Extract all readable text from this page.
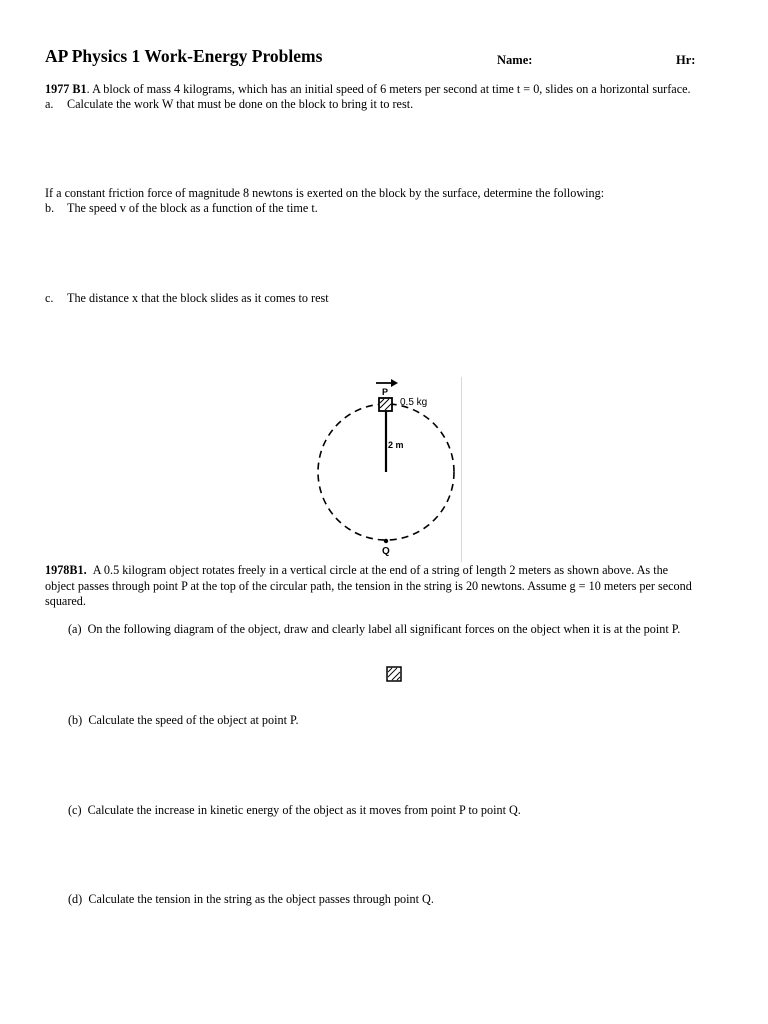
AP Physics 1 Work-Energy Problems	Name:	Hr:
1977 B1. A block of mass 4 kilograms, which has an initial speed of 6 meters per second at time t = 0, slides on a horizontal surface.
a. Calculate the work W that must be done on the block to bring it to rest.
If a constant friction force of magnitude 8 newtons is exerted on the block by the surface, determine the following:
b. The speed v of the block as a function of the time t.
c. The distance x that the block slides as it comes to rest
P
0.5 kg
2 m
Q
1978B1. A 0.5 kilogram object rotates freely in a vertical circle at the end of a string of length 2 meters as shown above. As the
object passes through point P at the top of the circular path, the tension in the string is 20 newtons. Assume g = 10 meters per second
squared.
(a) On the following diagram of the object, draw and clearly label all significant forces on the object when it is at the point P.
(b) Calculate the speed of the object at point P.
(c) Calculate the increase in kinetic energy of the object as it moves from point P to point Q.
(d) Calculate the tension in the string as the object passes through point Q.
